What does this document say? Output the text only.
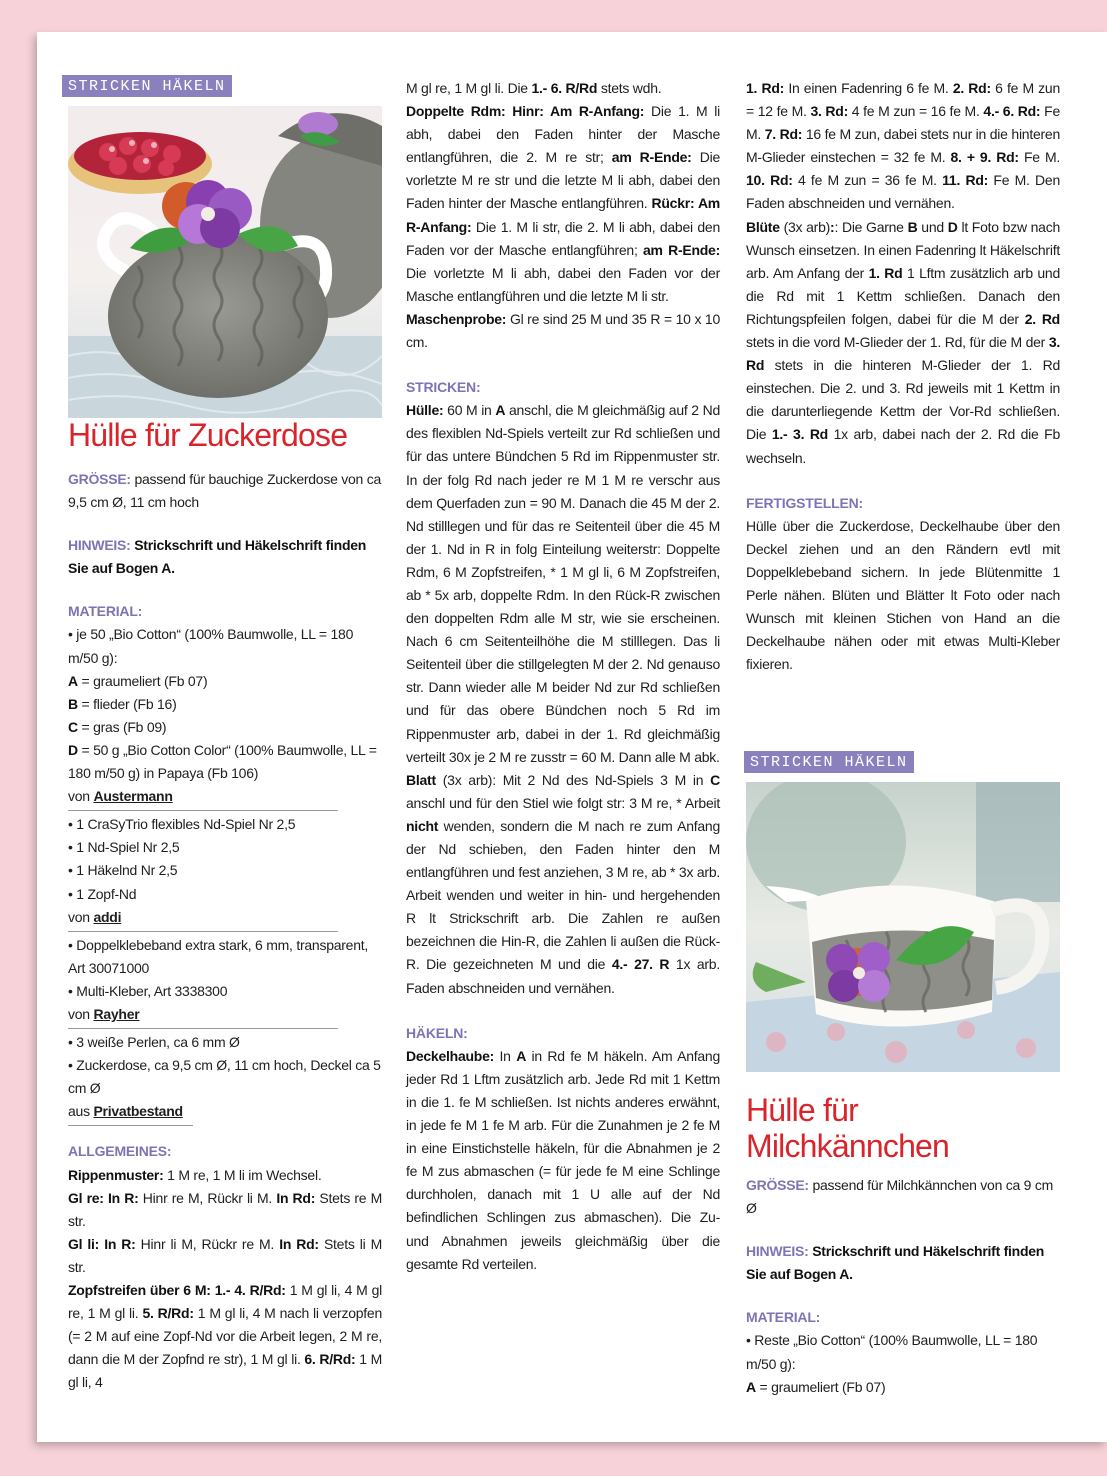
STRICKEN HÄKELN
Hülle für Zuckerdose

GRÖSSE: passend für bauchige Zuckerdose von ca 9,5 cm Ø, 11 cm hoch

HINWEIS: Strickschrift und Häkelschrift finden Sie auf Bogen A.

MATERIAL:

• je 50 „Bio Cotton“ (100% Baumwolle, LL = 180 m/50 g):

A = graumeliert (Fb 07)

B = flieder (Fb 16)

C = gras (Fb 09)

D = 50 g „Bio Cotton Color“ (100% Baumwolle, LL = 180 m/50 g) in Papaya (Fb 106)

von Austermann

• 1 CraSyTrio flexibles Nd-Spiel Nr 2,5

• 1 Nd-Spiel Nr 2,5

• 1 Häkelnd Nr 2,5

• 1 Zopf-Nd

von addi

• Doppelklebeband extra stark, 6 mm, transparent, Art 30071000

• Multi-Kleber, Art 3338300

von Rayher

• 3 weiße Perlen, ca 6 mm Ø

• Zuckerdose, ca 9,5 cm Ø, 11 cm hoch, Deckel ca 5 cm Ø

aus Privatbestand

ALLGEMEINES:

Rippenmuster: 1 M re, 1 M li im Wechsel.

Gl re: In R: Hinr re M, Rückr li M. In Rd: Stets re M str.

Gl li: In R: Hinr li M, Rückr re M. In Rd: Stets li M str.

Zopfstreifen über 6 M: 1.- 4. R/Rd: 1 M gl li, 4 M gl re, 1 M gl li. 5. R/Rd: 1 M gl li, 4 M nach li verzopfen (= 2 M auf eine Zopf-Nd vor die Arbeit legen, 2 M re, dann die M der Zopfnd re str), 1 M gl li. 6. R/Rd: 1 M gl li, 4

M gl re, 1 M gl li. Die 1.- 6. R/Rd stets wdh.

Doppelte Rdm: Hinr: Am R-Anfang: Die 1. M li abh, dabei den Faden hinter der Masche entlangführen, die 2. M re str; am R-Ende: Die vorletzte M re str und die letzte M li abh, dabei den Faden hinter der Masche entlangführen. Rückr: Am R-Anfang: Die 1. M li str, die 2. M li abh, dabei den Faden vor der Masche entlangführen; am R-Ende: Die vorletzte M li abh, dabei den Faden vor der Masche entlangführen und die letzte M li str.

Maschenprobe: Gl re sind 25 M und 35 R = 10 x 10 cm.

STRICKEN:

Hülle: 60 M in A anschl, die M gleichmäßig auf 2 Nd des flexiblen Nd-Spiels verteilt zur Rd schließen und für das untere Bündchen 5 Rd im Rippenmuster str. In der folg Rd nach jeder re M 1 M re verschr aus dem Querfaden zun = 90 M. Danach die 45 M der 2. Nd stilllegen und für das re Seitenteil über die 45 M der 1. Nd in R in folg Einteilung weiterstr: Doppelte Rdm, 6 M Zopfstreifen, * 1 M gl li, 6 M Zopfstreifen, ab * 5x arb, doppelte Rdm. In den Rück-R zwischen den doppelten Rdm alle M str, wie sie erscheinen. Nach 6 cm Seitenteilhöhe die M stilllegen. Das li Seitenteil über die stillgelegten M der 2. Nd genauso str. Dann wieder alle M beider Nd zur Rd schließen und für das obere Bündchen noch 5 Rd im Rippenmuster arb, dabei in der 1. Rd gleichmäßig verteilt 30x je 2 M re zusstr = 60 M. Dann alle M abk.

Blatt (3x arb): Mit 2 Nd des Nd-Spiels 3 M in C anschl und für den Stiel wie folgt str: 3 M re, * Arbeit nicht wenden, sondern die M nach re zum Anfang der Nd schieben, den Faden hinter den M entlangführen und fest anziehen, 3 M re, ab * 3x arb. Arbeit wenden und weiter in hin- und hergehenden R lt Strickschrift arb. Die Zahlen re außen bezeichnen die Hin-R, die Zahlen li außen die Rück-R. Die gezeichneten M und die 4.- 27. R 1x arb. Faden abschneiden und vernähen.

HÄKELN:

Deckelhaube: In A in Rd fe M häkeln. Am Anfang jeder Rd 1 Lftm zusätzlich arb. Jede Rd mit 1 Kettm in die 1. fe M schließen. Ist nichts anderes erwähnt, in jede fe M 1 fe M arb. Für die Zunahmen je 2 fe M in eine Einstichstelle häkeln, für die Abnahmen je 2 fe M zus abmaschen (= für jede fe M eine Schlinge durchholen, danach mit 1 U alle auf der Nd befindlichen Schlingen zus abmaschen). Die Zu- und Abnahmen jeweils gleichmäßig über die gesamte Rd verteilen.

1. Rd: In einen Fadenring 6 fe M. 2. Rd: 6 fe M zun = 12 fe M. 3. Rd: 4 fe M zun = 16 fe M. 4.- 6. Rd: Fe M. 7. Rd: 16 fe M zun, dabei stets nur in die hinteren M-Glieder einstechen = 32 fe M. 8. + 9. Rd: Fe M. 10. Rd: 4 fe M zun = 36 fe M. 11. Rd: Fe M. Den Faden abschneiden und vernähen.

Blüte (3x arb):: Die Garne B und D lt Foto bzw nach Wunsch einsetzen. In einen Fadenring lt Häkelschrift arb. Am Anfang der 1. Rd 1 Lftm zusätzlich arb und die Rd mit 1 Kettm schließen. Danach den Richtungspfeilen folgen, dabei für die M der 2. Rd stets in die vord M-Glieder der 1. Rd, für die M der 3. Rd stets in die hinteren M-Glieder der 1. Rd einstechen. Die 2. und 3. Rd jeweils mit 1 Kettm in die darunterliegende Kettm der Vor-Rd schließen. Die 1.- 3. Rd 1x arb, dabei nach der 2. Rd die Fb wechseln.

FERTIGSTELLEN:

Hülle über die Zuckerdose, Deckelhaube über den Deckel ziehen und an den Rändern evtl mit Doppelklebeband sichern. In jede Blütenmitte 1 Perle nähen. Blüten und Blätter lt Foto oder nach Wunsch mit kleinen Stichen von Hand an die Deckelhaube nähen oder mit etwas Multi-Kleber fixieren.

STRICKEN HÄKELN
Hülle für
Milchkännchen

GRÖSSE: passend für Milchkännchen von ca 9 cm Ø

HINWEIS: Strickschrift und Häkelschrift finden Sie auf Bogen A.

MATERIAL:

• Reste „Bio Cotton“ (100% Baumwolle, LL = 180 m/50 g):

A = graumeliert (Fb 07)
